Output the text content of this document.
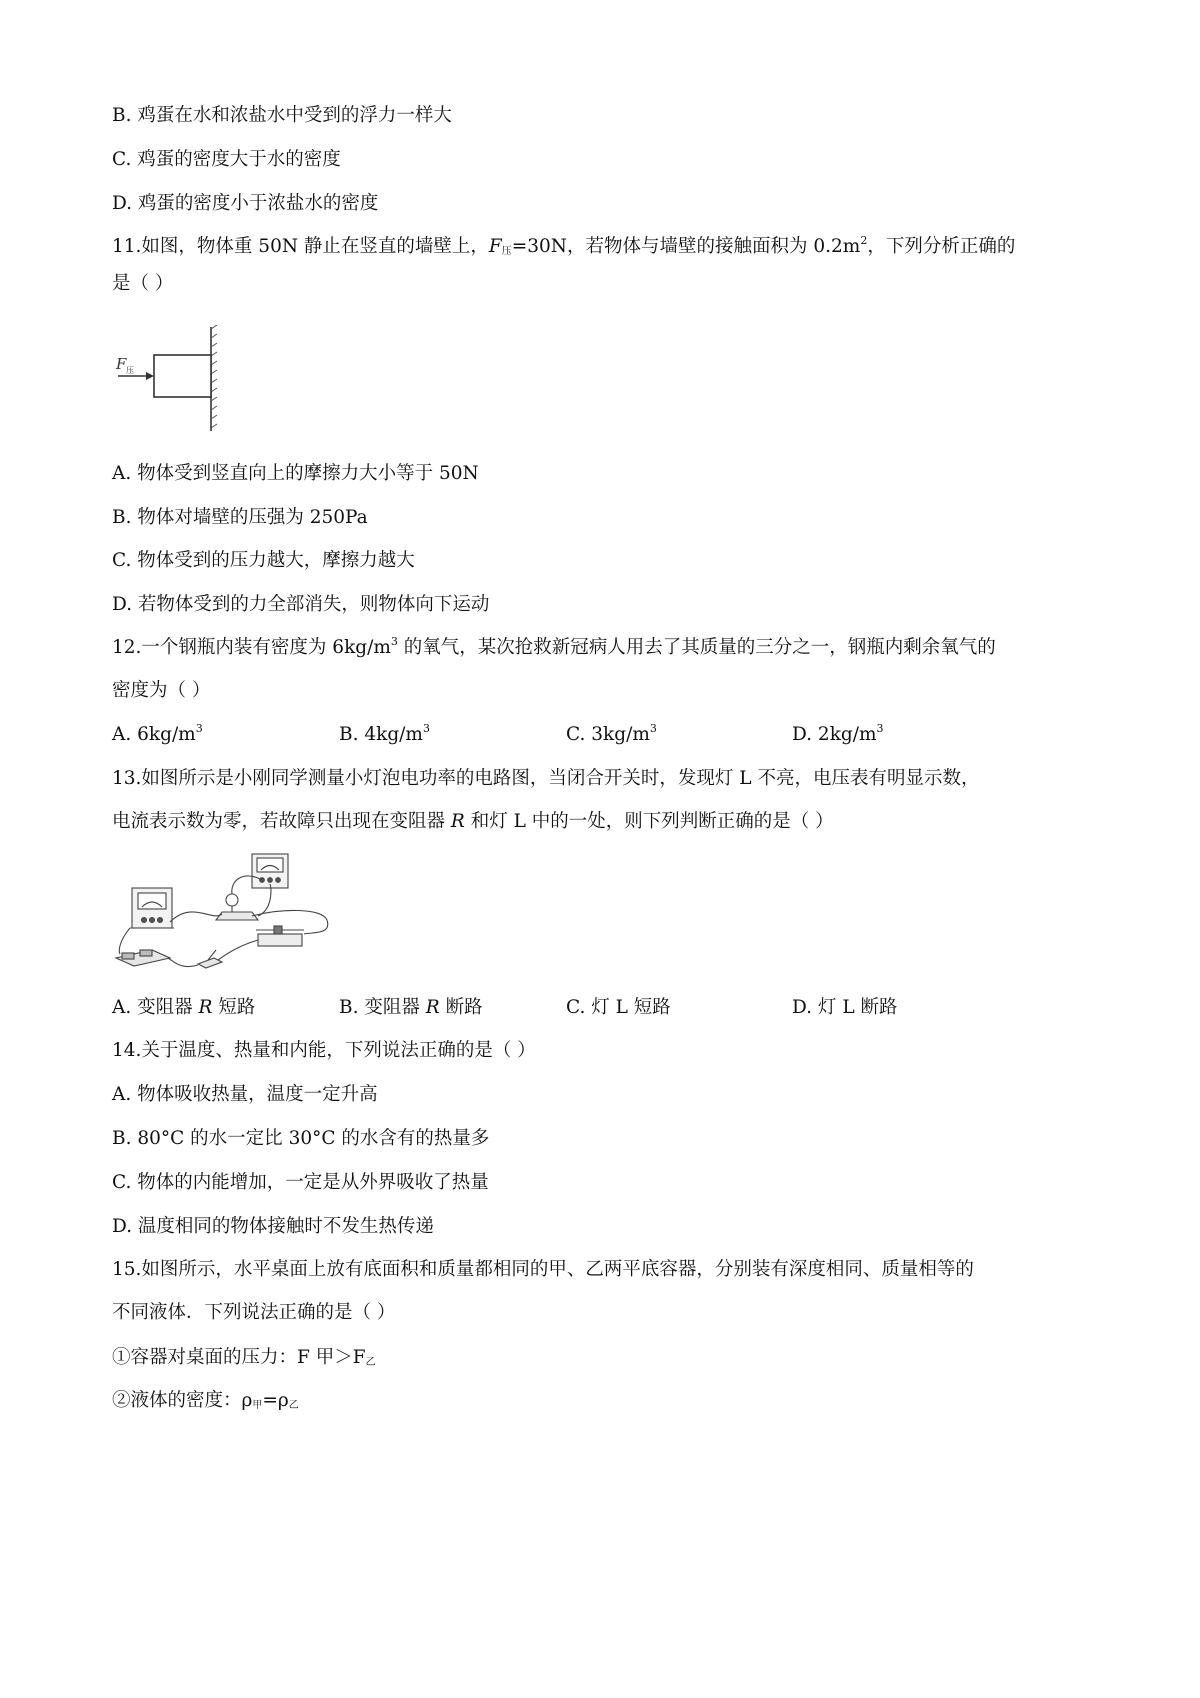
B. 鸡蛋在水和浓盐水中受到的浮力一样大
C. 鸡蛋的密度大于水的密度
D. 鸡蛋的密度小于浓盐水的密度
11.如图，物体重 50N 静止在竖直的墙壁上，$F_压=30N$，若物体与墙壁的接触面积为 $0.2m^2$，下列分析正确的
是（ ）
F 压
A. 物体受到竖直向上的摩擦力大小等于 50N
B. 物体对墙壁的压强为 250Pa
C. 物体受到的压力越大，摩擦力越大
D. 若物体受到的力全部消失，则物体向下运动
12.一个钢瓶内装有密度为 $6kg/m^3$ 的氧气，某次抢救新冠病人用去了其质量的三分之一，钢瓶内剩余氧气的
密度为（ ）
A. $6kg/m^3$	B. $4kg/m^3$	C. $3kg/m^3$	D. $2kg/m^3$
13.如图所示是小刚同学测量小灯泡电功率的电路图，当闭合开关时，发现灯 L 不亮，电压表有明显示数，
电流表示数为零，若故障只出现在变阻器 R 和灯 L 中的一处，则下列判断正确的是（ ）
A. 变阻器 R 短路	B. 变阻器 R 断路	C. 灯 L 短路	D. 灯 L 断路
14.关于温度、热量和内能，下列说法正确的是（ ）
A. 物体吸收热量，温度一定升高
B. 80°C 的水一定比 30°C 的水含有的热量多
C. 物体的内能增加，一定是从外界吸收了热量
D. 温度相同的物体接触时不发生热传递
15.如图所示，水平桌面上放有底面积和质量都相同的甲、乙两平底容器，分别装有深度相同、质量相等的
不同液体．下列说法正确的是（ ）
①容器对桌面的压力：F 甲$>F_乙$
②液体的密度：$\rho_甲=\rho_乙$
